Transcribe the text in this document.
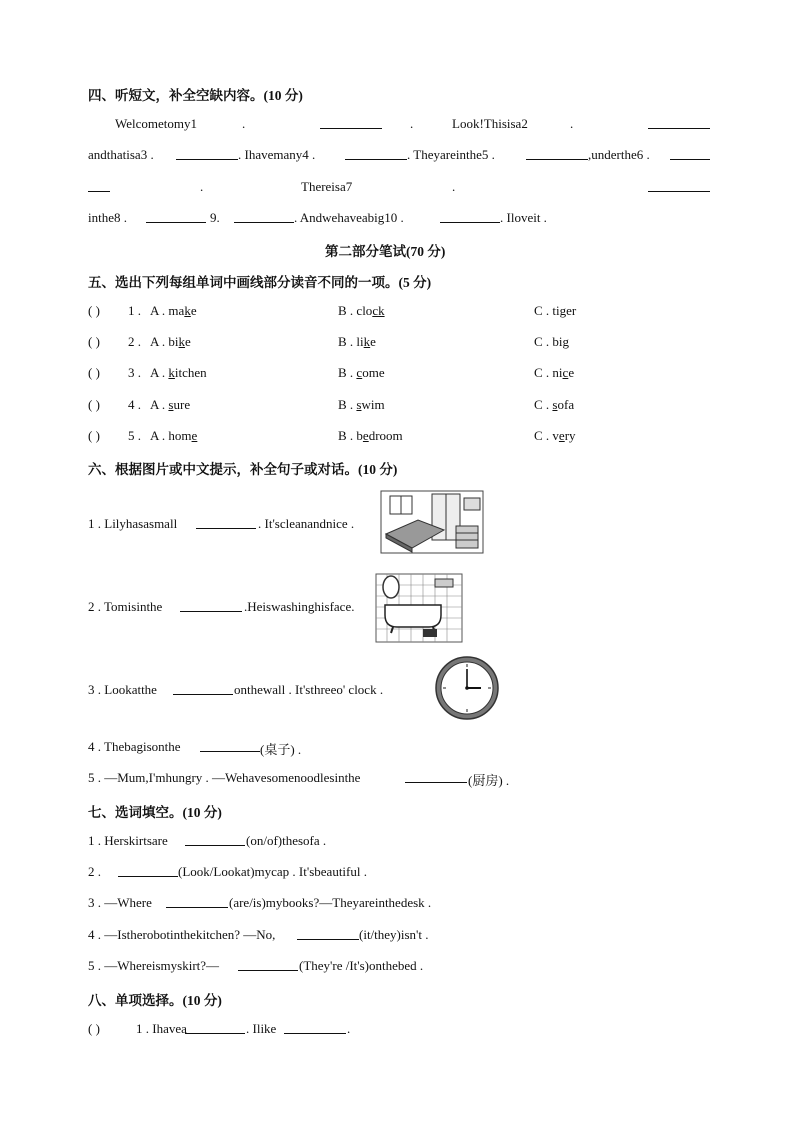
四、听短文，补全空缺内容。(10 分)
Welcometomy1	.	.	Look!Thisisa2	.
andthatisa3 .	. Ihavemany4 .	. Theyareinthe5 .	,underthe6 .
.	Thereisa7	.
inthe8 .	9.	. Andwehaveabig10 .	. Iloveit .
第二部分笔试(70 分)
五、选出下列每组单词中画线部分读音不同的一项。(5 分)
( ) 1 . A . make	B . clock	C . tiger
( ) 2 . A . bike	B . like	C . big
( ) 3 . A . kitchen	B . come	C . nice
( ) 4 . A . sure	B . swim	C . sofa
( ) 5 . A . home	B . bedroom	C . very
六、根据图片或中文提示，补全句子或对话。(10 分)
1 . Lilyhasasmall	. It'scleanandnice .
2 . Tomisinthe	.Heiswashinghisface.
3 . Lookatthe	onthewall . It'sthreeo' clock .
4 . Thebagisonthe	(桌子) .
5 . —Mum,I'mhungry . —Wehavesomenoodlesinthe	(厨房) .
七、选词填空。(10 分)
1 . Herskirtsare	(on/of)thesofa .
2 .	(Look/Lookat)mycap . It'sbeautiful .
3 . —Where	(are/is)mybooks?—Theyareinthedesk .
4 . —Istherobotinthekitchen? —No,	(it/they)isn't .
5 . —Whereismyskirt?—	(They're /It's)onthebed .
八、单项选择。(10 分)
( )	1 . Ihavea	. Ilike	.
